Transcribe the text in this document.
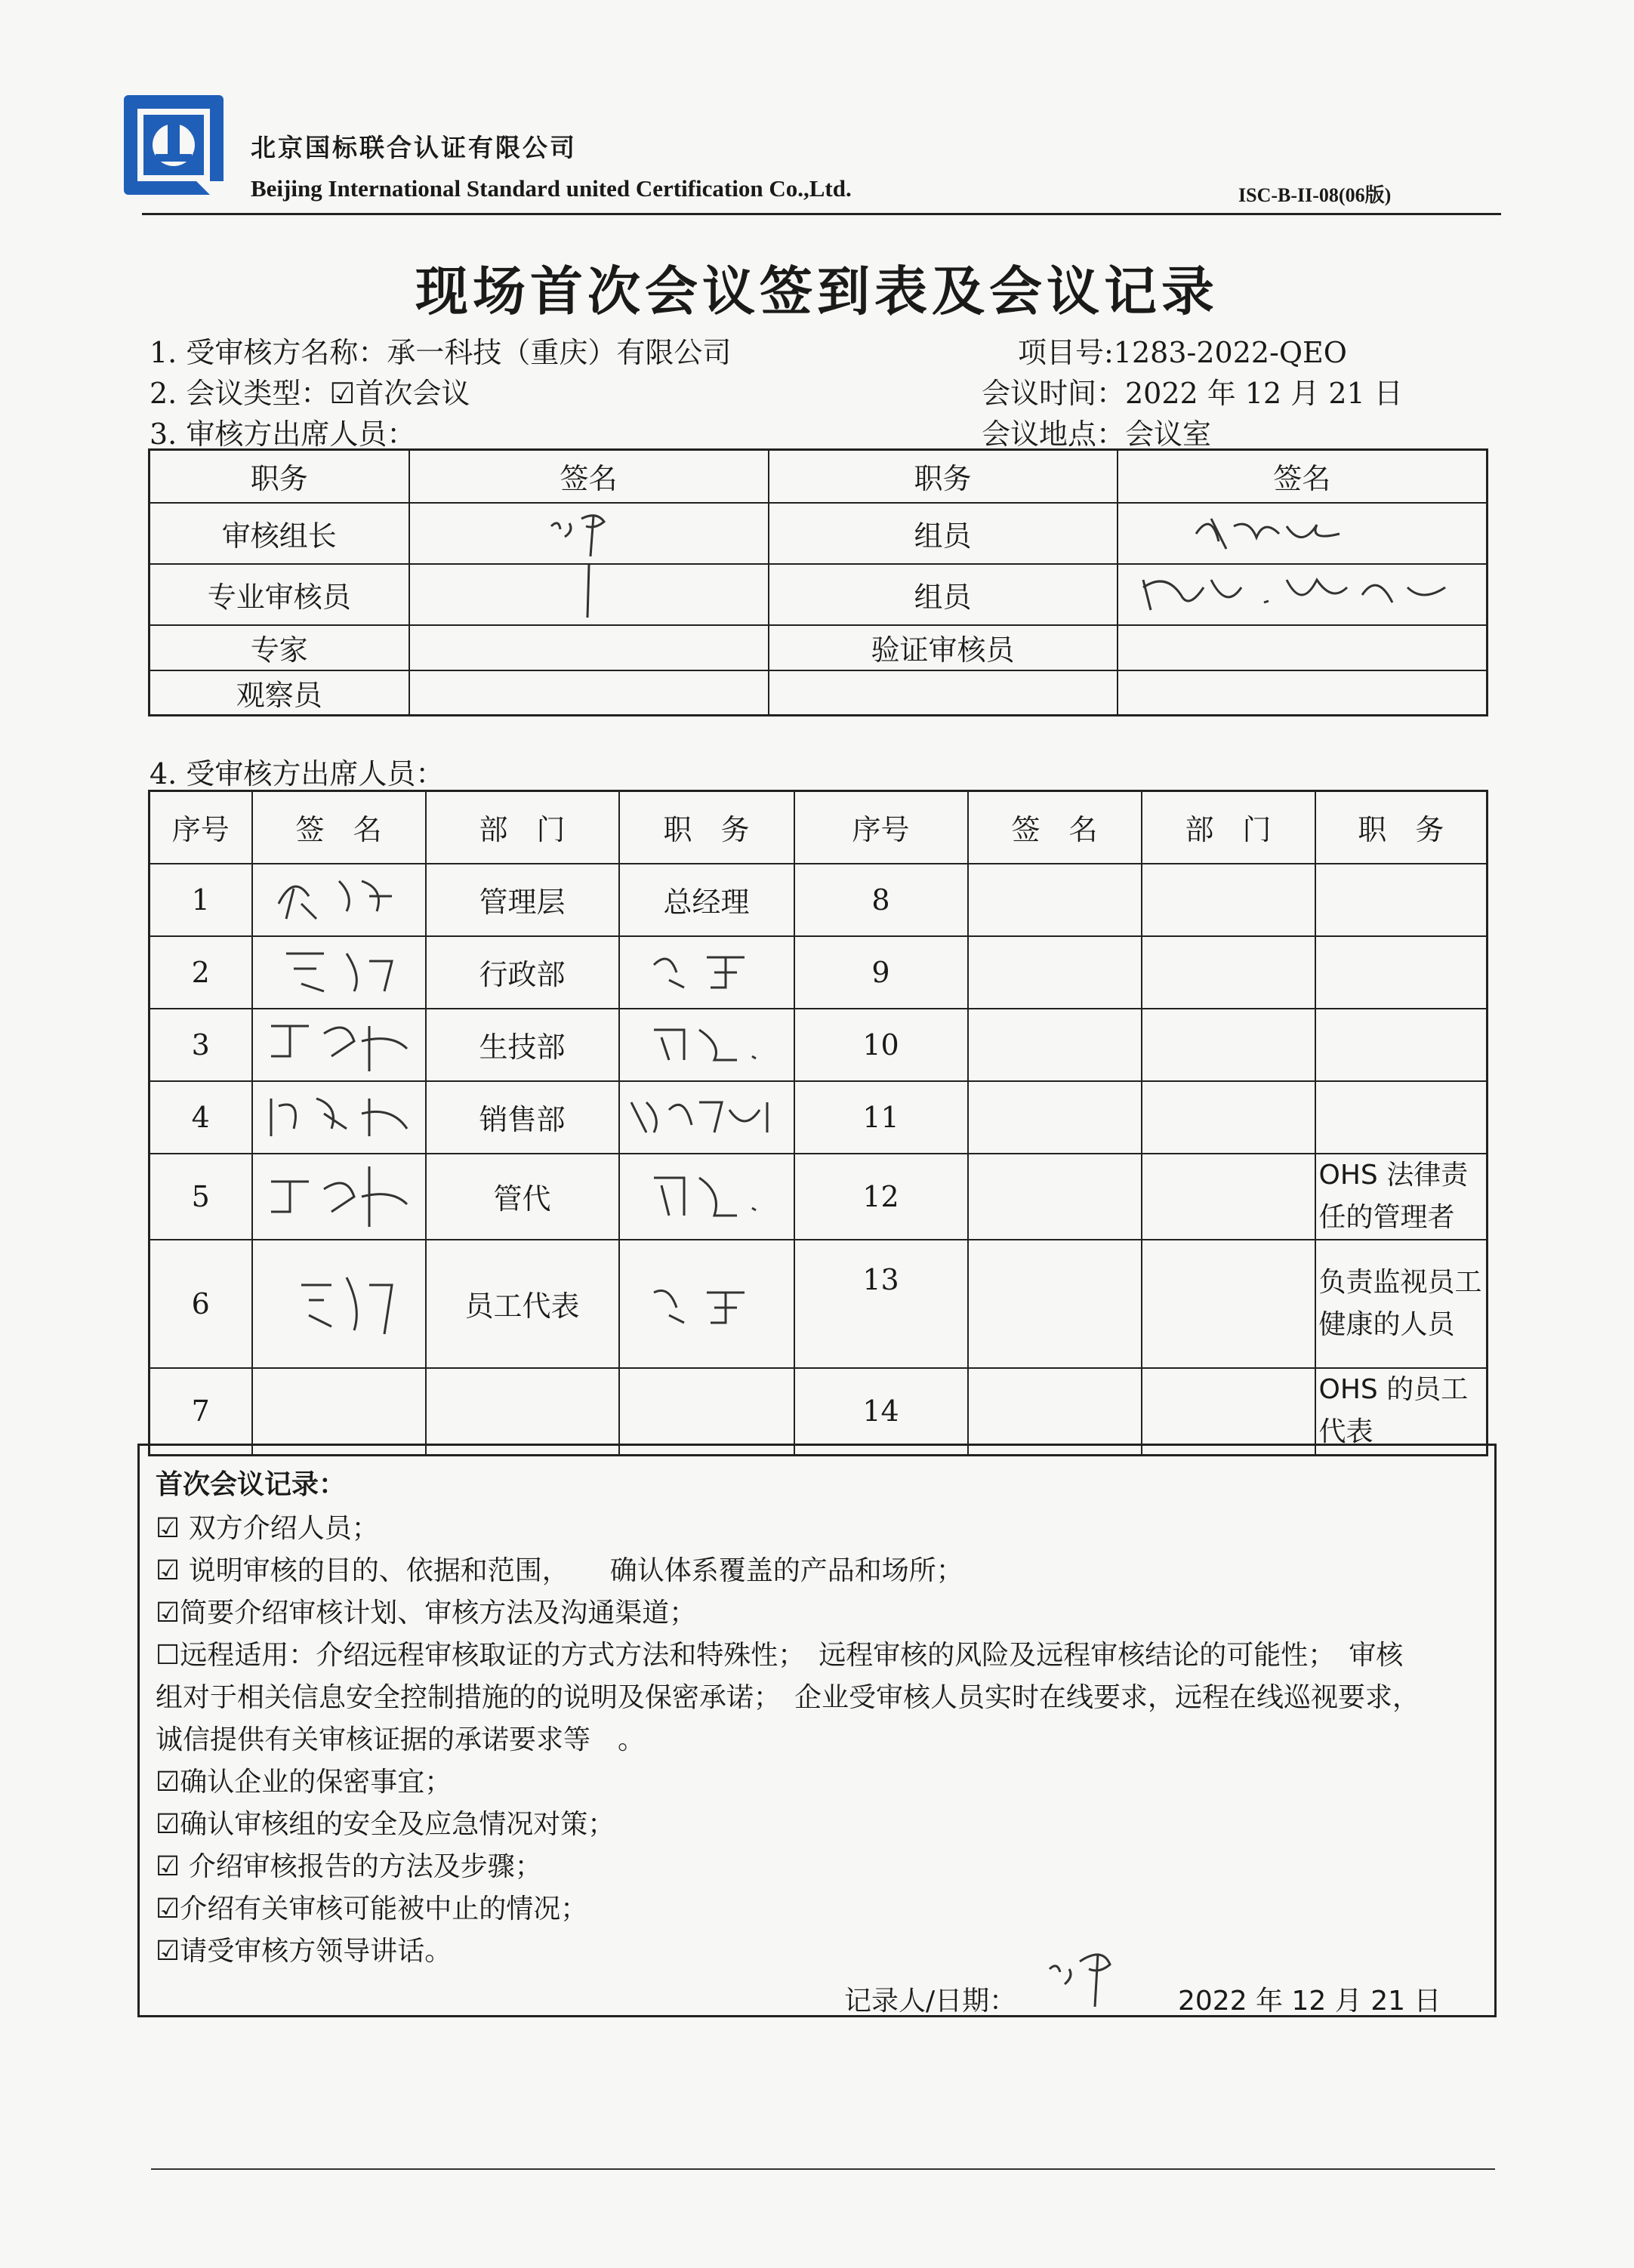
北京国标联合认证有限公司
Beijing International Standard united Certification Co.,Ltd.	ISC-B-II-08(06版)
现场首次会议签到表及会议记录
1. 受审核方名称：承一科技（重庆）有限公司	项目号:1283-2022-QEO
2. 会议类型：☑首次会议	会议时间：2022 年 12 月 21 日
3. 审核方出席人员：	会议地点：会议室
职务	签名	职务	签名
审核组长		组员	
专业审核员		组员	
专家		验证审核员	
观察员			
4. 受审核方出席人员：
序号	签　名	部　门	职　务	序号	签　名	部　门	职　务
1		管理层	总经理	8			
2		行政部		9			
3		生技部		10			
4		销售部		11			
5		管代		12			OHS 法律责任的管理者
6		员工代表		13			负责监视员工健康的人员
7				14			OHS 的员工代表
首次会议记录：
☑ 双方介绍人员；
☑ 说明审核的目的、依据和范围，　　确认体系覆盖的产品和场所；
☑简要介绍审核计划、审核方法及沟通渠道；
☐远程适用：介绍远程审核取证的方式方法和特殊性；　远程审核的风险及远程审核结论的可能性；　审核
组对于相关信息安全控制措施的的说明及保密承诺；　企业受审核人员实时在线要求，远程在线巡视要求，
诚信提供有关审核证据的承诺要求等　。
☑确认企业的保密事宜；
☑确认审核组的安全及应急情况对策；
☑ 介绍审核报告的方法及步骤；
☑介绍有关审核可能被中止的情况；
☑请受审核方领导讲话。
记录人/日期：	2022 年 12 月 21 日
